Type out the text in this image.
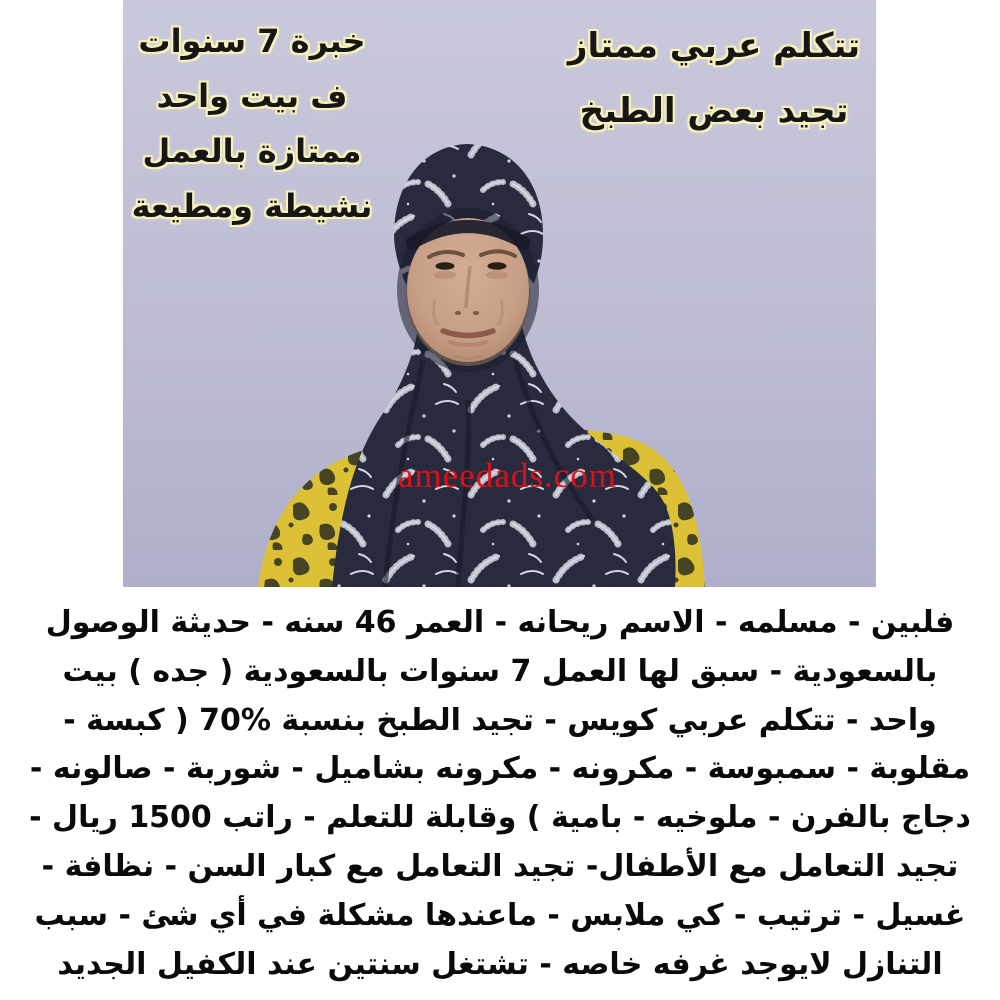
خبرة 7 سنوات
ف بيت واحد
ممتازة بالعمل
نشيطة ومطيعة
تتكلم عربي ممتاز
تجيد بعض الطبخ
ameedads.com
فلبين - مسلمه - الاسم ريحانه - العمر 46 سنه - حديثة الوصول
بالسعودية - سبق لها العمل 7 سنوات بالسعودية ( جده ) بيت
واحد - تتكلم عربي كويس - تجيد الطبخ بنسبة %70 ( كبسة -
مقلوبة - سمبوسة - مكرونه - مكرونه بشاميل - شوربة - صالونه -
دجاج بالفرن - ملوخيه - بامية ) وقابلة للتعلم - راتب 1500 ريال -
تجيد التعامل مع الأطفال- تجيد التعامل مع كبار السن - نظافة -
غسيل - ترتيب - كي ملابس - ماعندها مشكلة في أي شئ - سبب
التنازل لايوجد غرفه خاصه - تشتغل سنتين عند الكفيل الجديد
